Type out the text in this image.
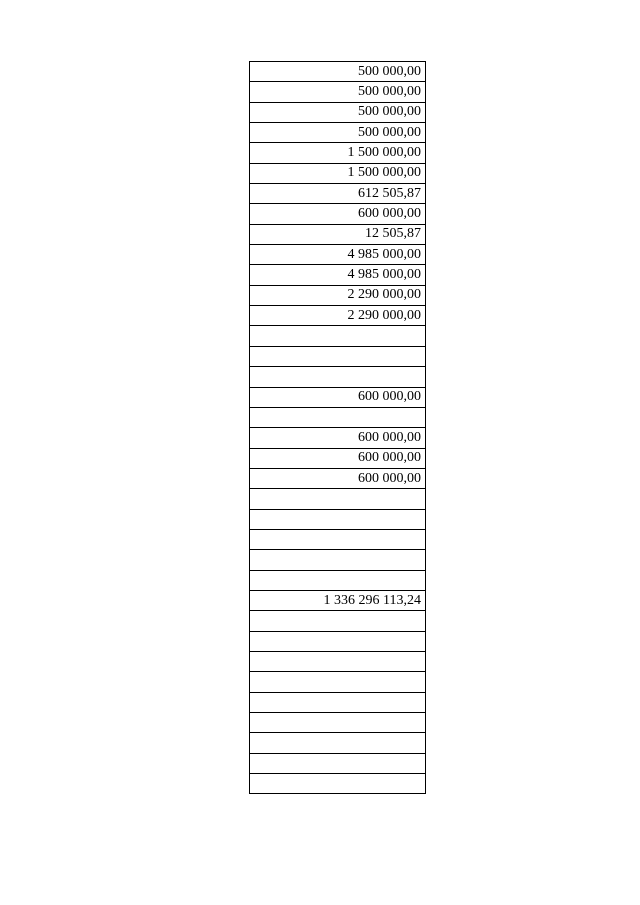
500 000,00
500 000,00
500 000,00
500 000,00
1 500 000,00
1 500 000,00
612 505,87
600 000,00
12 505,87
4 985 000,00
4 985 000,00
2 290 000,00
2 290 000,00

600 000,00

600 000,00
600 000,00
600 000,00

1 336 296 113,24
